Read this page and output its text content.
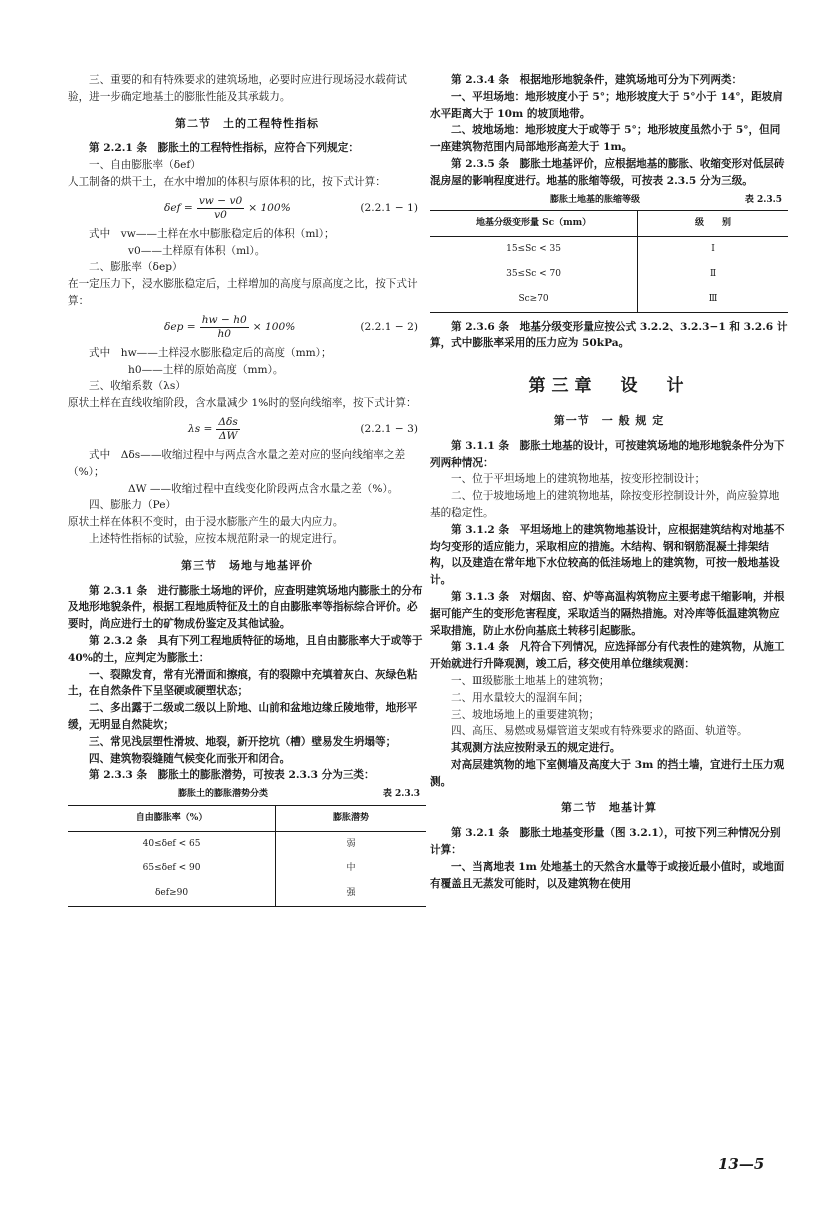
三、重要的和有特殊要求的建筑场地，必要时应进行现场浸水载荷试验，进一步确定地基土的膨胀性能及其承载力。

第二节　土的工程特性指标

第 2.2.1 条　膨胀土的工程特性指标，应符合下列规定：

一、自由膨胀率（δef）

人工制备的烘干土，在水中增加的体积与原体积的比，按下式计算：

$\delta ef = \frac{vw - v0}{v0} \times 100\%$	(2.2.1 − 1)

式中　vw——土样在水中膨胀稳定后的体积（ml）；

v0——土样原有体积（ml）。

二、膨胀率（δep）

在一定压力下，浸水膨胀稳定后，土样增加的高度与原高度之比，按下式计算：

$\delta ep = \frac{hw - h0}{h0} \times 100\%$	(2.2.1 − 2)

式中　hw——土样浸水膨胀稳定后的高度（mm）；

h0——土样的原始高度（mm）。

三、收缩系数（λs）

原状土样在直线收缩阶段，含水量减少 1%时的竖向线缩率，按下式计算：

$\lambda s = \frac{\text{Δδs}}{\Delta W}$	(2.2.1 − 3)

式中　Δδs——收缩过程中与两点含水量之差对应的竖向线缩率之差（%）；

ΔW ——收缩过程中直线变化阶段两点含水量之差（%）。

四、膨胀力（Pe）

原状土样在体积不变时，由于浸水膨胀产生的最大内应力。

上述特性指标的试验，应按本规范附录一的规定进行。

第三节　场地与地基评价

第 2.3.1 条　进行膨胀土场地的评价，应查明建筑场地内膨胀土的分布及地形地貌条件，根据工程地质特征及土的自由膨胀率等指标综合评价。必要时，尚应进行土的矿物成份鉴定及其他试验。

第 2.3.2 条　具有下列工程地质特征的场地，且自由膨胀率大于或等于 40%的土，应判定为膨胀土：

一、裂隙发育，常有光滑面和擦痕，有的裂隙中充填着灰白、灰绿色粘土，在自然条件下呈坚硬或硬塑状态；

二、多出露于二级或二级以上阶地、山前和盆地边缘丘陵地带，地形平缓，无明显自然陡坎；

三、常见浅层塑性滑坡、地裂，新开挖坑（槽）壁易发生坍塌等；

四、建筑物裂缝随气候变化而张开和闭合。

第 2.3.3 条　膨胀土的膨胀潜势，可按表 2.3.3 分为三类：

膨胀土的膨胀潜势分类	表 2.3.3
自由膨胀率（%）	膨胀潜势
40≤δef < 65	弱
65≤δef < 90	中
δef≥90	强

第 2.3.4 条　根据地形地貌条件，建筑场地可分为下列两类：

一、平坦场地：地形坡度小于 5°；地形坡度大于 5°小于 14°，距坡肩水平距离大于 10m 的坡顶地带。

二、坡地场地：地形坡度大于或等于 5°；地形坡度虽然小于 5°，但同一座建筑物范围内局部地形高差大于 1m。

第 2.3.5 条　膨胀土地基评价，应根据地基的膨胀、收缩变形对低层砖混房屋的影响程度进行。地基的胀缩等级，可按表 2.3.5 分为三级。

膨胀土地基的胀缩等级	表 2.3.5
地基分级变形量 Sc（mm）	级　　别
15≤Sc < 35	Ⅰ
35≤Sc < 70	Ⅱ
Sc≥70	Ⅲ

第 2.3.6 条　地基分级变形量应按公式 3.2.2、3.2.3−1 和 3.2.6 计算，式中膨胀率采用的压力应为 50kPa。

第三章　设　计

第一节　一 般 规 定

第 3.1.1 条　膨胀土地基的设计，可按建筑场地的地形地貌条件分为下列两种情况：

一、位于平坦场地上的建筑物地基，按变形控制设计；

二、位于坡地场地上的建筑物地基，除按变形控制设计外，尚应验算地基的稳定性。

第 3.1.2 条　平坦场地上的建筑物地基设计，应根据建筑结构对地基不均匀变形的适应能力，采取相应的措施。木结构、钢和钢筋混凝土排架结构，以及建造在常年地下水位较高的低洼场地上的建筑物，可按一般地基设计。

第 3.1.3 条　对烟囱、窑、炉等高温构筑物应主要考虑干缩影响，并根据可能产生的变形危害程度，采取适当的隔热措施。对冷库等低温建筑物应采取措施，防止水份向基底土转移引起膨胀。

第 3.1.4 条　凡符合下列情况，应选择部分有代表性的建筑物，从施工开始就进行升降观测，竣工后，移交使用单位继续观测：

一、Ⅲ级膨胀土地基上的建筑物；

二、用水量较大的湿润车间；

三、坡地场地上的重要建筑物；

四、高压、易燃或易爆管道支架或有特殊要求的路面、轨道等。

其观测方法应按附录五的规定进行。

对高层建筑物的地下室侧墙及高度大于 3m 的挡土墙，宜进行土压力观测。

第二节　地基计算

第 3.2.1 条　膨胀土地基变形量（图 3.2.1），可按下列三种情况分别计算：

一、当离地表 1m 处地基土的天然含水量等于或接近最小值时，或地面有覆盖且无蒸发可能时，以及建筑物在使用

13—5
